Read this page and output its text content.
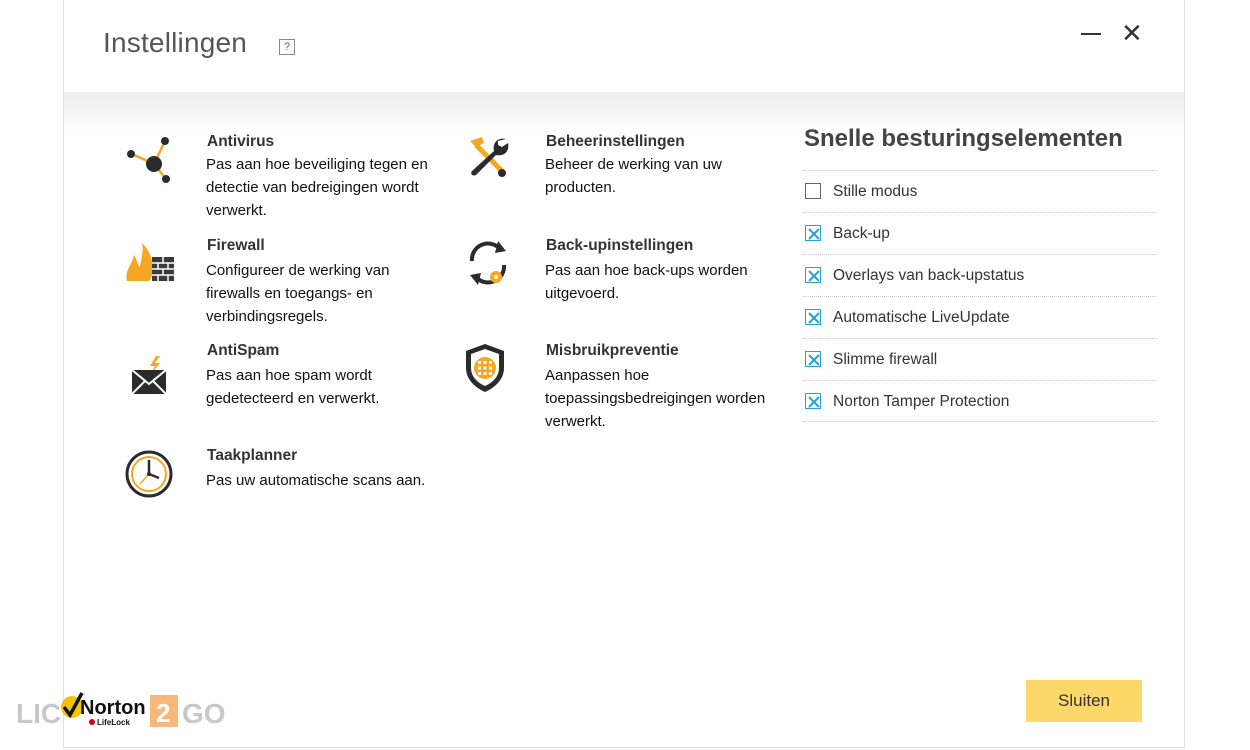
Instellingen	?	✕
Antivirus
Pas aan hoe beveiliging tegen en detectie van bedreigingen wordt verwerkt.
Firewall
Configureer de werking van firewalls en toegangs- en verbindingsregels.
AntiSpam
Pas aan hoe spam wordt gedetecteerd en verwerkt.
Taakplanner
Pas uw automatische scans aan.
Beheerinstellingen
Beheer de werking van uw producten.
Back-upinstellingen
Pas aan hoe back-ups worden uitgevoerd.
Misbruikpreventie
Aanpassen hoe toepassingsbedreigingen worden verwerkt.
Snelle besturingselementen
Stille modus
Back-up
Overlays van back-upstatus
Automatische LiveUpdate
Slimme firewall
Norton Tamper Protection
Sluiten
LIC	2 GO
Norton
LifeLock
